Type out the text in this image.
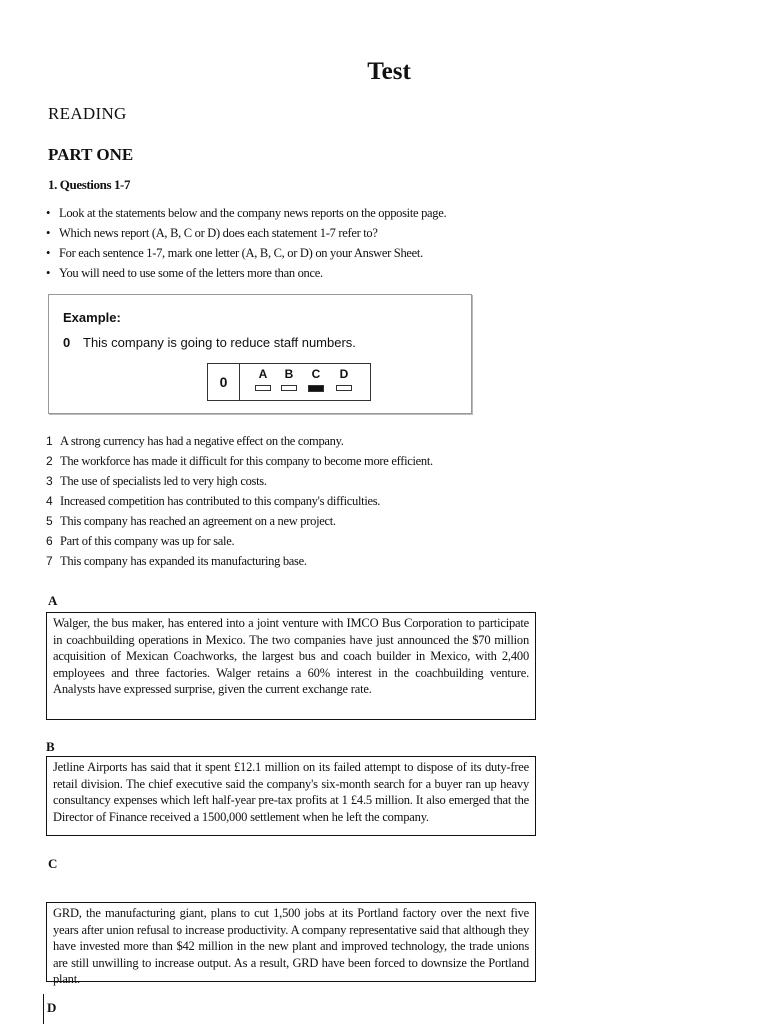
Test
READING
PART ONE
1. Questions 1-7
• Look at the statements below and the company news reports on the opposite page.
• Which news report (A, B, C or D) does each statement 1-7 refer to?
• For each sentence 1-7, mark one letter (A, B, C, or D) on your Answer Sheet.
• You will need to use some of the letters more than once.
Example:
0 This company is going to reduce staff numbers.
0	A	B	C	D
1 A strong currency has had a negative effect on the company.
2 The workforce has made it difficult for this company to become more efficient.
3 The use of specialists led to very high costs.
4 Increased competition has contributed to this company's difficulties.
5 This company has reached an agreement on a new project.
6 Part of this company was up for sale.
7 This company has expanded its manufacturing base.
A
Walger, the bus maker, has entered into a joint venture with IMCO Bus Corporation to participate in coachbuilding operations in Mexico. The two companies have just announced the $70 million acquisition of Mexican Coachworks, the largest bus and coach builder in Mexico, with 2,400 employees and three factories. Walger retains a 60% interest in the coachbuilding venture. Analysts have expressed surprise, given the current exchange rate.
B
Jetline Airports has said that it spent £12.1 million on its failed attempt to dispose of its duty-free retail division. The chief executive said the company's six-month search for a buyer ran up heavy consultancy expenses which left half-year pre-tax profits at 1 £4.5 million. It also emerged that the Director of Finance received a 1500,000 settlement when he left the company.
C
GRD, the manufacturing giant, plans to cut 1,500 jobs at its Portland factory over the next five years after union refusal to increase productivity. A company representative said that although they have invested more than $42 million in the new plant and improved technology, the trade unions are still unwilling to increase output. As a result, GRD have been forced to downsize the Portland plant.
D
